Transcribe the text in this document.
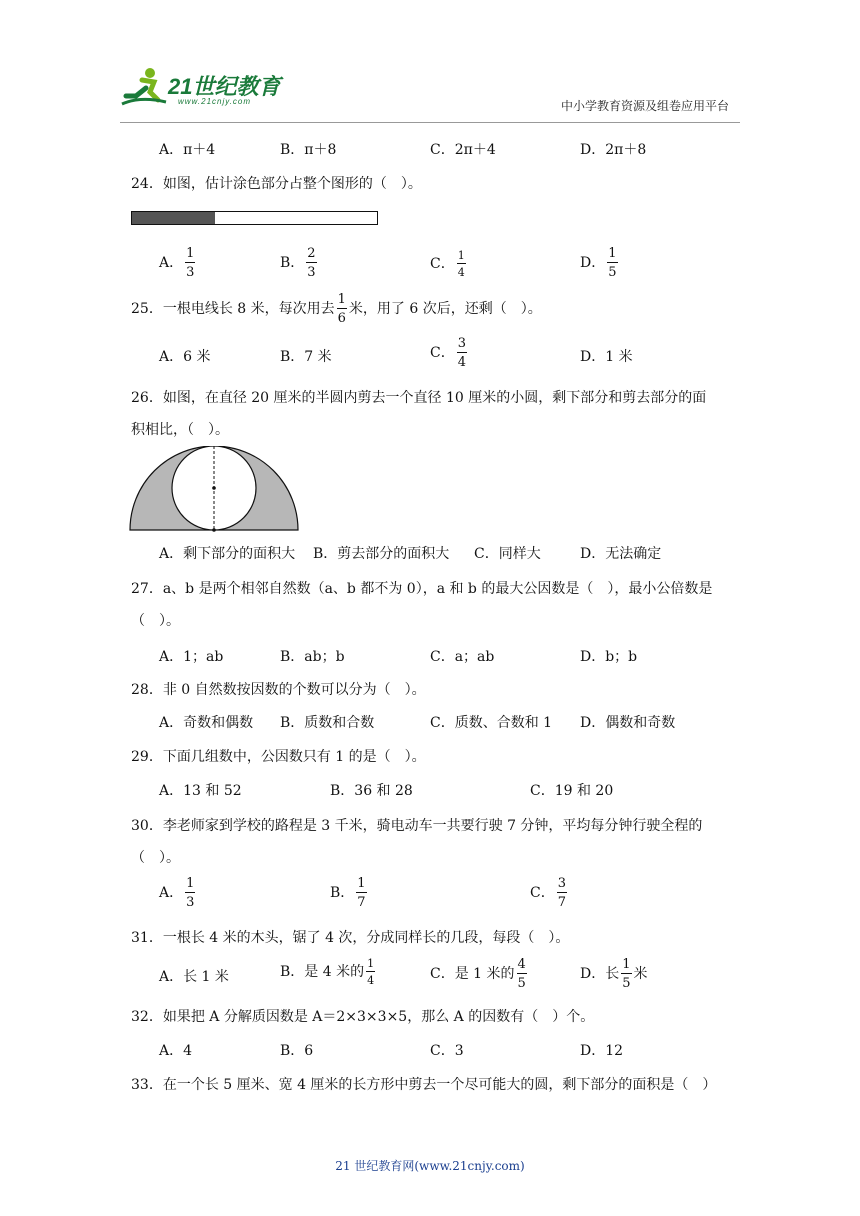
21世纪教育
www.21cnjy.com	中小学教育资源及组卷应用平台
A．π＋4	B．π＋8	C．2π＋4	D．2π＋8
24．如图，估计涂色部分占整个图形的（　）。
A． $\frac{1}{3}$	B． $\frac{2}{3}$	C． $\frac{1}{4}$	D． $\frac{1}{5}$
25．一根电线长 8 米，每次用去 $\frac{1}{6}$ 米，用了 6 次后，还剩（　）。
A．6 米	B．7 米	C． $\frac{3}{4}$	D．1 米
26．如图，在直径 20 厘米的半圆内剪去一个直径 10 厘米的小圆，剩下部分和剪去部分的面
积相比，（　）。
A．剩下部分的面积大 B．剪去部分的面积大 C．同样大	D．无法确定
27．a、b 是两个相邻自然数（a、b 都不为 0），a 和 b 的最大公因数是（　），最小公倍数是
（　）。
A．1；ab	B．ab；b	C．a；ab	D．b；b
28．非 0 自然数按因数的个数可以分为（　）。
A．奇数和偶数 B．质数和合数	C．质数、合数和 1 D．偶数和奇数
29．下面几组数中，公因数只有 1 的是（　）。
A．13 和 52	B．36 和 28	C．19 和 20
30．李老师家到学校的路程是 3 千米，骑电动车一共要行驶 7 分钟，平均每分钟行驶全程的
（　）。
A． $\frac{1}{3}$	B． $\frac{1}{7}$	C． $\frac{3}{7}$
31．一根长 4 米的木头，锯了 4 次，分成同样长的几段，每段（　）。
A．长 1 米	B．是 4 米的 $\frac{1}{4}$	C．是 1 米的 $\frac{4}{5}$	D．长 $\frac{1}{5}$ 米
32．如果把 A 分解质因数是 A＝2×3×3×5，那么 A 的因数有（　）个。
A．4	B．6	C．3	D．12
33．在一个长 5 厘米、宽 4 厘米的长方形中剪去一个尽可能大的圆，剩下部分的面积是（　）
21 世纪教育网(www.21cnjy.com)
